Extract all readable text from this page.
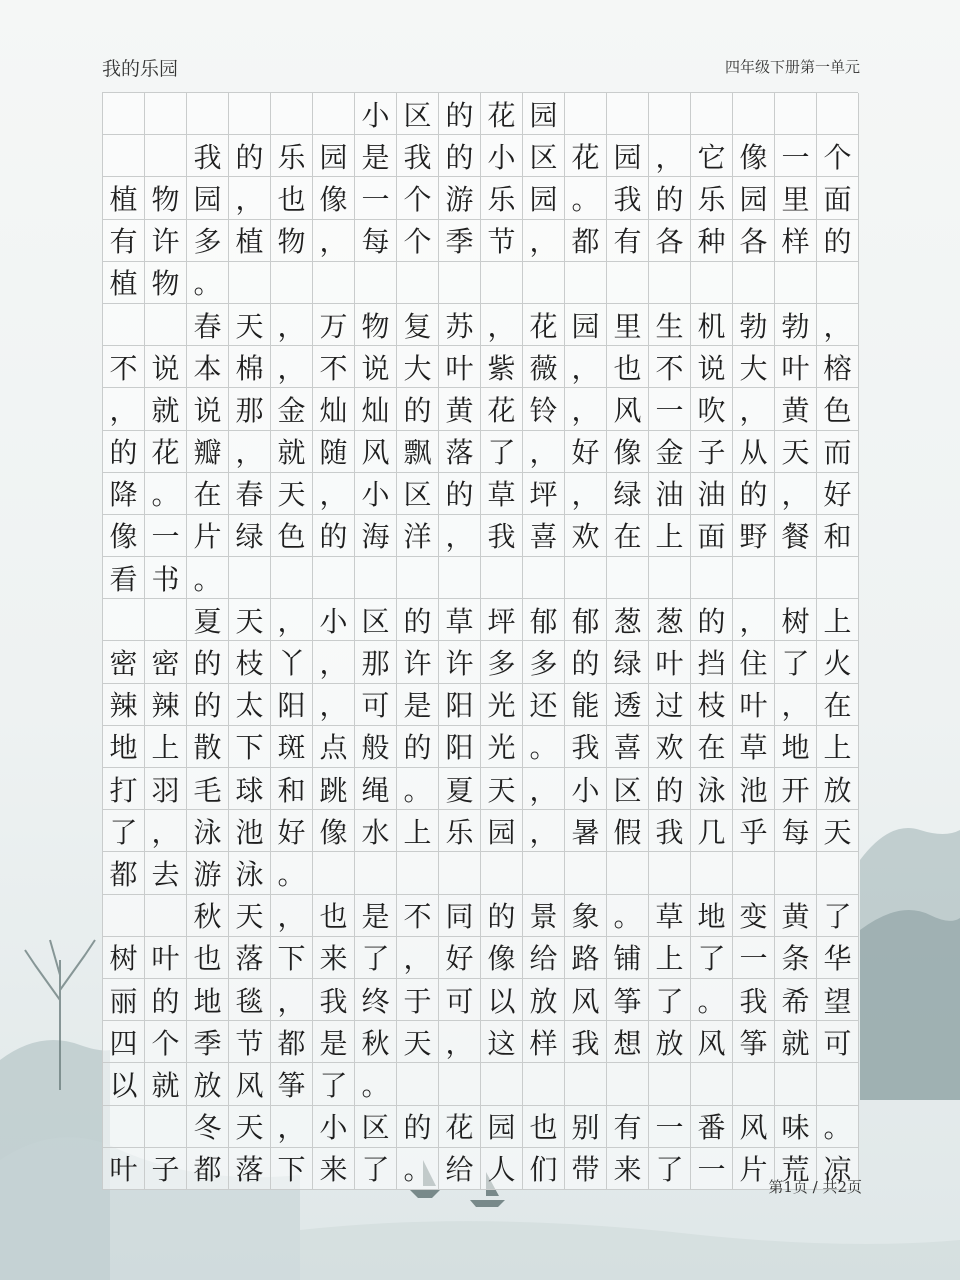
我的乐园	四年级下册第一单元
小 区 的 花 园
我 的 乐 园 是 我 的 小 区 花 园 ， 它 像 一 个
植 物 园 ， 也 像 一 个 游 乐 园 。 我 的 乐 园 里 面
有 许 多 植 物 ， 每 个 季 节 ， 都 有 各 种 各 样 的
植 物 。
春 天 ， 万 物 复 苏 ， 花 园 里 生 机 勃 勃 ，
不 说 本 棉 ， 不 说 大 叶 紫 薇 ， 也 不 说 大 叶 榕
， 就 说 那 金 灿 灿 的 黄 花 铃 ， 风 一 吹 ， 黄 色
的 花 瓣 ， 就 随 风 飘 落 了 ， 好 像 金 子 从 天 而
降 。 在 春 天 ， 小 区 的 草 坪 ， 绿 油 油 的 ， 好
像 一 片 绿 色 的 海 洋 ， 我 喜 欢 在 上 面 野 餐 和
看 书 。
夏 天 ， 小 区 的 草 坪 郁 郁 葱 葱 的 ， 树 上
密 密 的 枝 丫 ， 那 许 许 多 多 的 绿 叶 挡 住 了 火
辣 辣 的 太 阳 ， 可 是 阳 光 还 能 透 过 枝 叶 ， 在
地 上 散 下 斑 点 般 的 阳 光 。 我 喜 欢 在 草 地 上
打 羽 毛 球 和 跳 绳 。 夏 天 ， 小 区 的 泳 池 开 放
了 ， 泳 池 好 像 水 上 乐 园 ， 暑 假 我 几 乎 每 天
都 去 游 泳 。
秋 天 ， 也 是 不 同 的 景 象 。 草 地 变 黄 了
树 叶 也 落 下 来 了 ， 好 像 给 路 铺 上 了 一 条 华
丽 的 地 毯 ， 我 终 于 可 以 放 风 筝 了 。 我 希 望
四 个 季 节 都 是 秋 天 ， 这 样 我 想 放 风 筝 就 可
以 就 放 风 筝 了 。
冬 天 ， 小 区 的 花 园 也 别 有 一 番 风 味 。
叶 子 都 落 下 来 了 。 给 人 们 带 来 了 一 片 荒 凉
第1页 / 共2页
